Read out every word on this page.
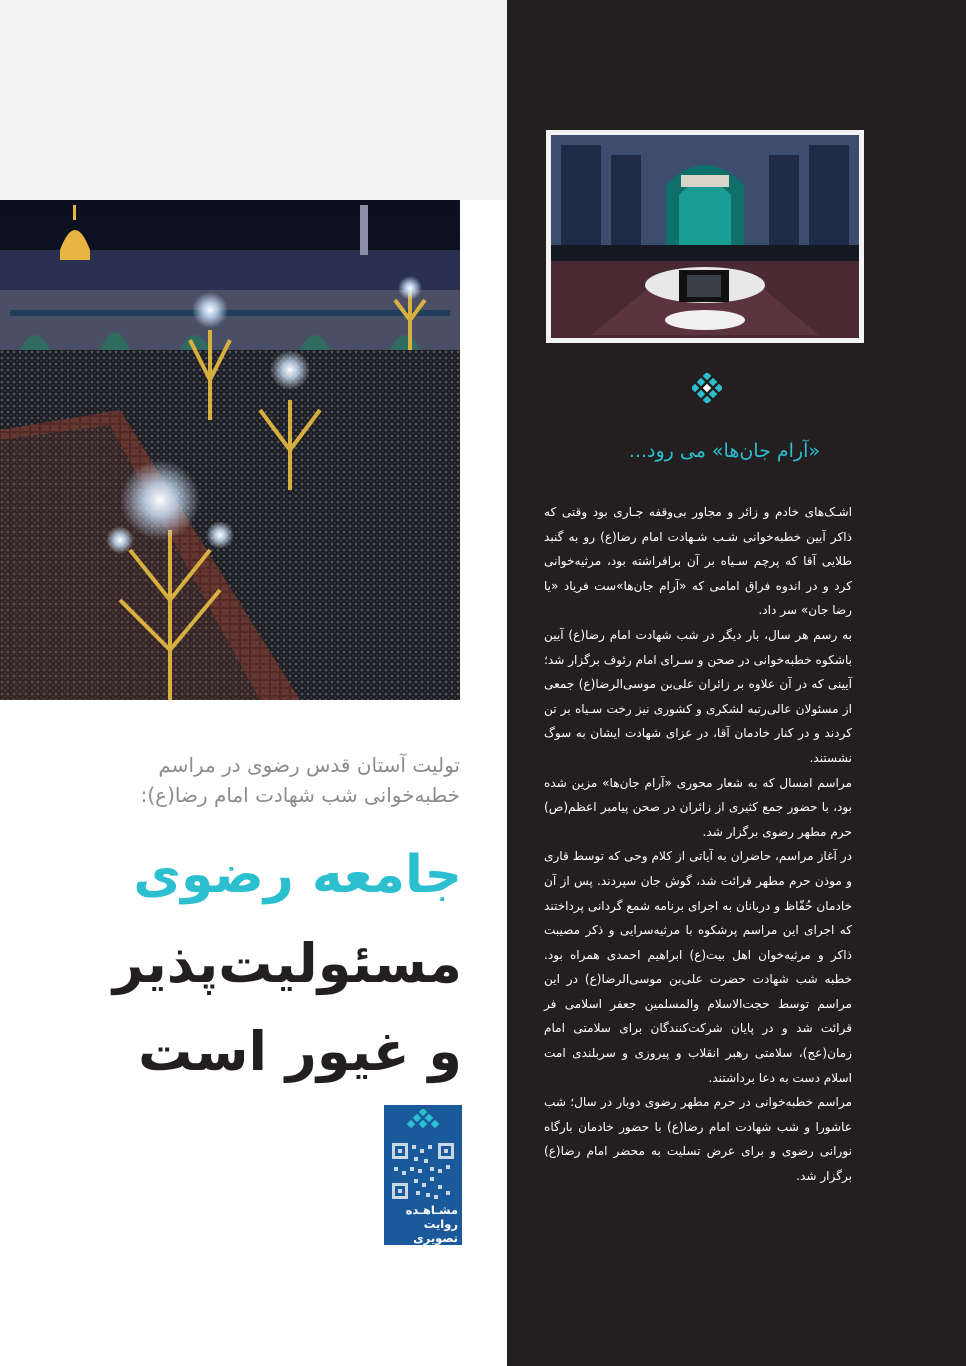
«آرام جان‌ها» می رود...

اشـک‌های خادم و زائر و مجاور بی‌وقفه جـاری بود وقتی که ذاکر آیین خطبه‌خوانی شـب شـهادت امام رضا(ع) رو به گنبد طلایی آقا که پرچم سـیاه بر آن برافراشته بود، مرثیه‌خوانی کرد و در اندوه فراق امامی که «آرام جان‌ها»ست فریاد «یا رضا جان» سر داد.

به رسم هر سال، بار دیگر در شب شهادت امام رضا(ع) آیین باشکوه خطبه‌خوانی در صحن و سـرای امام رئوف برگزار شد؛ آیینی که در آن علاوه بر زائران علی‌بن موسی‌الرضا(ع) جمعی از مسئولان عالی‌رتبه لشکری و کشوری نیز رخت سـیاه بر تن کردند و در کنار خادمان آقا، در عزای شهادت ایشان به سوگ نشستند.

مراسم امسال که به شعار محوری «آرام جان‌ها» مزین شده بود، با حضور جمع کثیری از زائران در صحن پیامبر اعظم(ص) حرم مطهر رضوی برگزار شد.

در آغاز مراسم، حاضران به آیاتی از کلام وحی که توسط قاری و موذن حرم مطهر قرائت شد، گوش جان سپردند. پس از آن خادمان حُفّاظ و دربانان به اجرای برنامه شمع گردانی پرداختند که اجرای این مراسم پرشکوه با مرثیه‌سرایی و ذکر مصیبت ذاکر و مرثیه‌خوان اهل بیت(ع) ابراهیم احمدی همراه بود. خطبه شب شهادت حضرت علی‌بن موسی‌الرضا(ع) در این مراسم توسط حجت‌الاسلام والمسلمین جعفر اسلامی فر قرائت شد و در پایان شرکت‌کنندگان برای سلامتی امام زمان(عج)، سلامتی رهبر انقلاب و پیروزی و سربلندی امت اسلام دست به دعا برداشتند.

مراسم خطبه‌خوانی در حرم مطهر رضوی دوبار در سال؛ شب عاشورا و شب شهادت امام رضا(ع) با حضور خادمان بارگاه نورانی رضوی و برای عرض تسلیت به محضر امام رضا(ع) برگزار شد.

تولیت آستان قدس رضوی در مراسم
خطبه‌خوانی شب شهادت امام رضا(ع):
جامعه رضوی
مسئولیت‌پذیر
و غیور است
مشـاهـده
روایت تصویری
این مطـلـب
